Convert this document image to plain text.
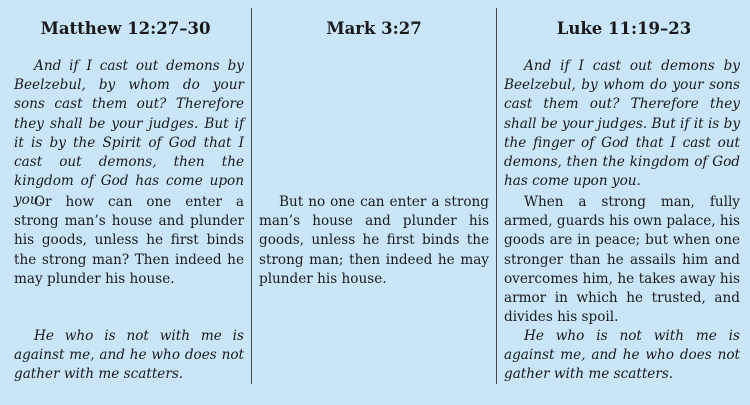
Matthew 12:27–30

And if I cast out demons by Beelzebul, by whom do your sons cast them out? Therefore they shall be your judges. But if it is by the Spirit of God that I cast out demons, then the kingdom of God has come upon you.

Or how can one enter a strong man’s house and plunder his goods, unless he first binds the strong man? Then indeed he may plunder his house.

He who is not with me is against me, and he who does not gather with me scatters.

Mark 3:27

But no one can enter a strong man’s house and plunder his goods, unless he first binds the strong man; then indeed he may plunder his house.

Luke 11:19–23

And if I cast out demons by Beelzebul, by whom do your sons cast them out? Therefore they shall be your judges. But if it is by the finger of God that I cast out demons, then the kingdom of God has come upon you.

When a strong man, fully armed, guards his own palace, his goods are in peace; but when one stronger than he assails him and overcomes him, he takes away his armor in which he trusted, and divides his spoil.

He who is not with me is against me, and he who does not gather with me scatters.
